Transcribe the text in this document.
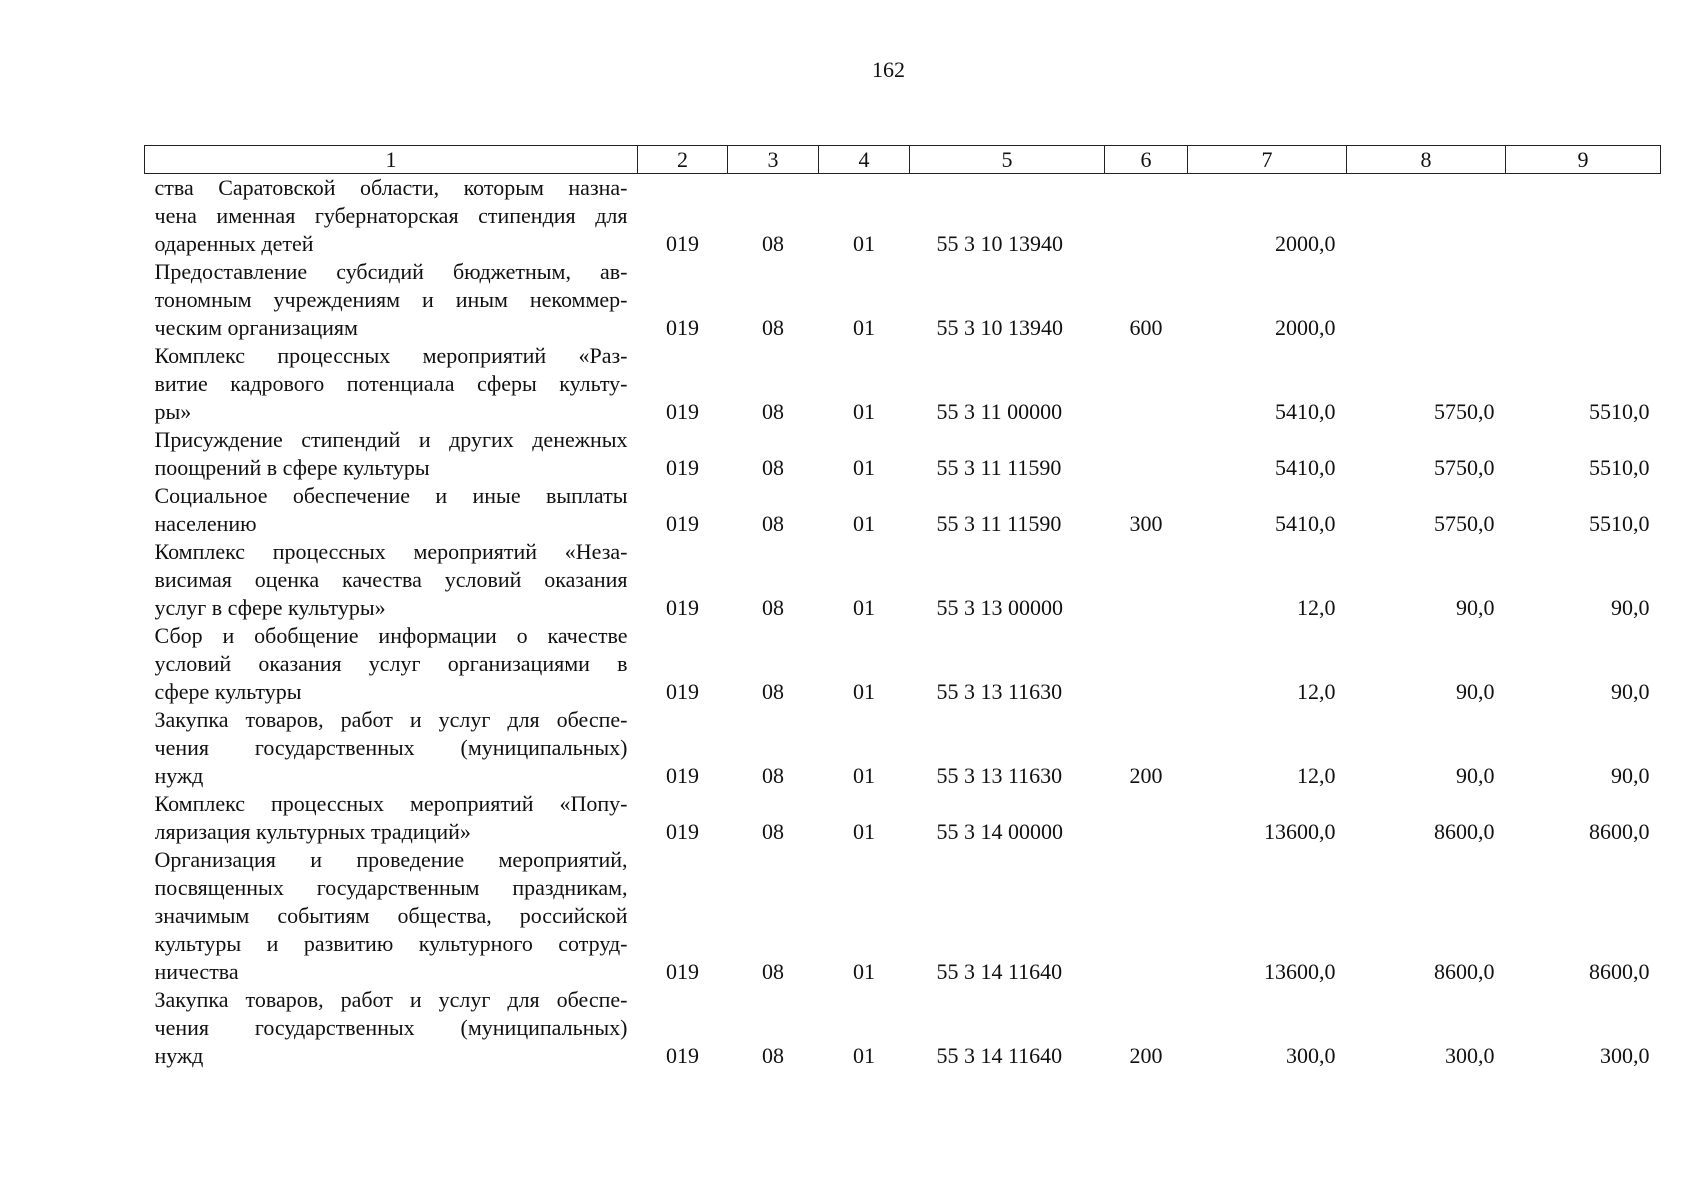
162
1	2	3	4	5	6	7	8	9

ства Саратовской области, которым назна-
чена именная губернаторская стипендия для
одаренных детей	019	08	01	55 3 10 13940		2000,0		

Предоставление субсидий бюджетным, ав-
тономным учреждениям и иным некоммер-
ческим организациям	019	08	01	55 3 10 13940	600	2000,0		

Комплекс процессных мероприятий «Раз-
витие кадрового потенциала сферы культу-
ры»	019	08	01	55 3 11 00000		5410,0	5750,0	5510,0

Присуждение стипендий и других денежных
поощрений в сфере культуры	019	08	01	55 3 11 11590		5410,0	5750,0	5510,0

Социальное обеспечение и иные выплаты
населению	019	08	01	55 3 11 11590	300	5410,0	5750,0	5510,0

Комплекс процессных мероприятий «Неза-
висимая оценка качества условий оказания
услуг в сфере культуры»	019	08	01	55 3 13 00000		12,0	90,0	90,0

Сбор и обобщение информации о качестве
условий оказания услуг организациями в
сфере культуры	019	08	01	55 3 13 11630		12,0	90,0	90,0

Закупка товаров, работ и услуг для обеспе-
чения государственных (муниципальных)
нужд	019	08	01	55 3 13 11630	200	12,0	90,0	90,0

Комплекс процессных мероприятий «Попу-
ляризация культурных традиций»	019	08	01	55 3 14 00000		13600,0	8600,0	8600,0

Организация и проведение мероприятий,
посвященных государственным праздникам,
значимым событиям общества, российской
культуры и развитию культурного сотруд-
ничества	019	08	01	55 3 14 11640		13600,0	8600,0	8600,0

Закупка товаров, работ и услуг для обеспе-
чения государственных (муниципальных)
нужд	019	08	01	55 3 14 11640	200	300,0	300,0	300,0
